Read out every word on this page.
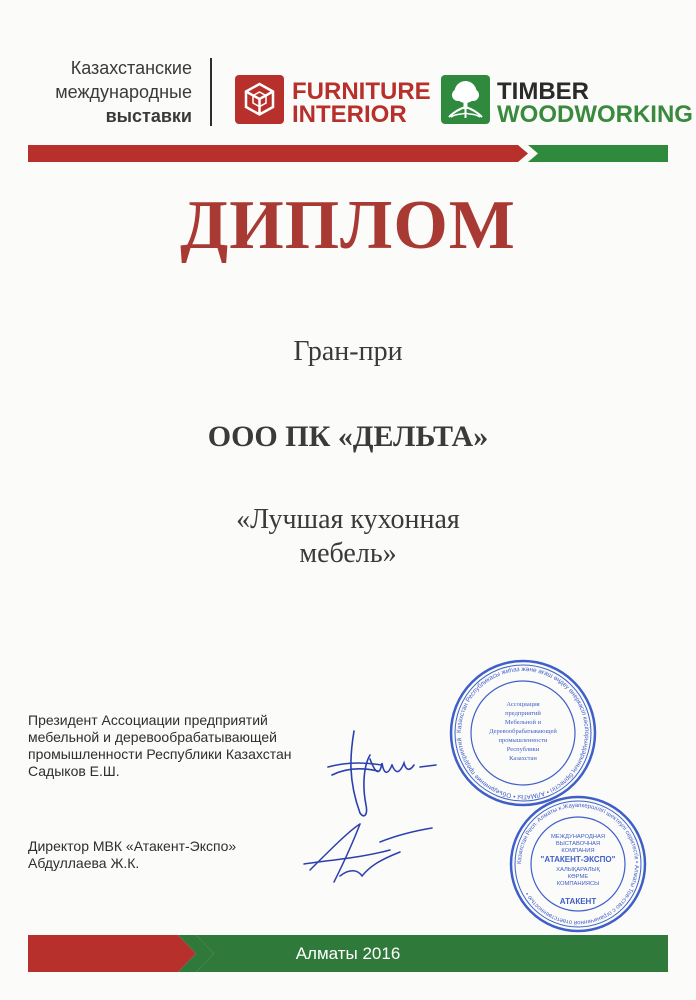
Казахстанские
международные
выставки
FURNITURE
INTERIOR
TIMBER
WOODWORKING
ДИПЛОМ
Гран-при
ООО ПК «ДЕЛЬТА»
«Лучшая кухонная
мебель»
Президент Ассоциации предприятий
мебельной и деревообрабатывающей
промышленности Республики Казахстан
Садыков Е.Ш.
Директор МВК «Атакент-Экспо»
Абдуллаева Ж.К.
Казахстан Республикасы жиһаз және ағаш өңдеу өнеркәсіп кәсіпорындарының бірлестігі • АЛМАТЫ • Объединение предприятий
Ассоциация
предприятий
Мебельной и
Деревообрабатывающей
промышленности
Республики
Казахстан
Казахстан Респ. Алматы к.Жауапкершілігі шектеулі серіктестік • Алматы Тов-ство с ограниченной ответственностью •
МЕЖДУНАРОДНАЯ
ВЫСТАВОЧНАЯ
КОМПАНИЯ
"АТАКЕНТ-ЭКСПО"
ХАЛЫҚАРАЛЫҚ
КӨРМЕ
КОМПАНИЯСЫ
АТАКЕНТ
Алматы 2016
